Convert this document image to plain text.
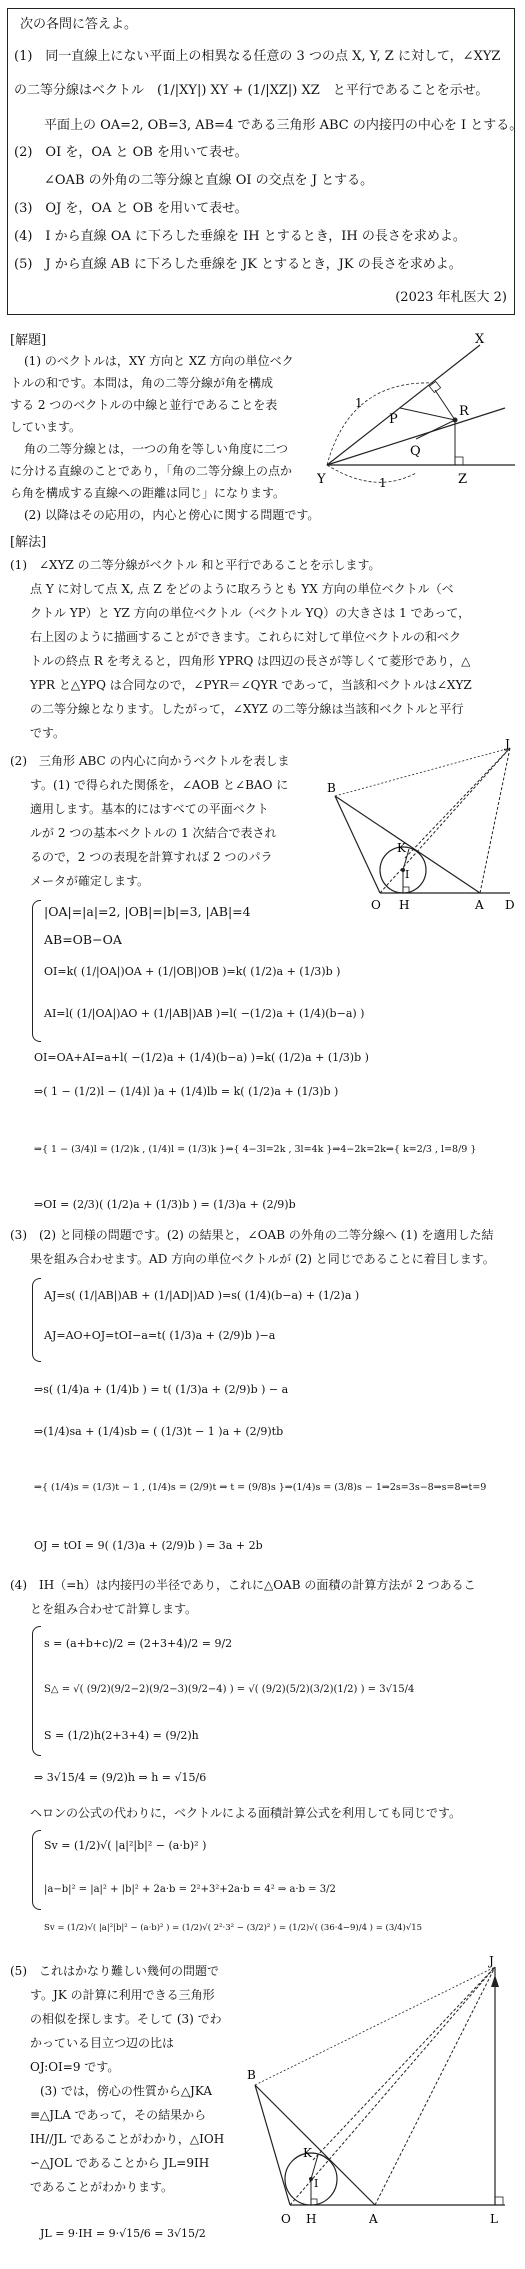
次の各問に答えよ。
(1)　同一直線上にない平面上の相異なる任意の 3 つの点 X, Y, Z に対して，∠XYZ
の二等分線はベクトル　(1/|XY|) XY + (1/|XZ|) XZ　と平行であることを示せ。
平面上の OA=2, OB=3, AB=4 である三角形 ABC の内接円の中心を I とする。
(2)　OI を，OA と OB を用いて表せ。
∠OAB の外角の二等分線と直線 OI の交点を J とする。
(3)　OJ を，OA と OB を用いて表せ。
(4)　I から直線 OA に下ろした垂線を IH とするとき，IH の長さを求めよ。
(5)　J から直線 AB に下ろした垂線を JK とするとき，JK の長さを求めよ。
(2023 年札医大 2)
[解題]
(1) のベクトルは，XY 方向と XZ 方向の単位ベク
トルの和です。本問は，角の二等分線が角を構成
する 2 つのベクトルの中線と並行であることを表
しています。
角の二等分線とは，一つの角を等しい角度に二つ
に分ける直線のことであり，「角の二等分線上の点か
ら角を構成する直線への距離は同じ」になります。
(2) 以降はその応用の，内心と傍心に関する問題です。
X
Y	Z
P
Q
R
1
1
[解法]
(1)　∠XYZ の二等分線がベクトル 和と平行であることを示します。
点 Y に対して点 X, 点 Z をどのように取ろうとも YX 方向の単位ベクトル（ベ
クトル YP）と YZ 方向の単位ベクトル（ベクトル YQ）の大きさは 1 であって，
右上図のように描画することができます。これらに対して単位ベクトルの和ベク
トルの終点 R を考えると，四角形 YPRQ は四辺の長さが等しくて菱形であり，△
YPR と△YPQ は合同なので，∠PYR＝∠QYR であって，当該和ベクトルは∠XYZ
の二等分線となります。したがって，∠XYZ の二等分線は当該和ベクトルと平行
です。
(2)　三角形 ABC の内心に向かうベクトルを表しま
す。(1) で得られた関係を，∠AOB と∠BAO に
適用します。基本的にはすべての平面ベクト
ルが 2 つの基本ベクトルの 1 次結合で表され
るので，2 つの表現を計算すれば 2 つのパラ
メータが確定します。
|OA|=|a|=2, |OB|=|b|=3, |AB|=4
AB=OB−OA
OI=k( (1/|OA|)OA + (1/|OB|)OB )=k( (1/2)a + (1/3)b )
AI=l( (1/|OA|)AO + (1/|AB|)AB )=l( −(1/2)a + (1/4)(b−a) )
OI=OA+AI=a+l( −(1/2)a + (1/4)(b−a) )=k( (1/2)a + (1/3)b )
⇒( 1 − (1/2)l − (1/4)l )a + (1/4)lb = k( (1/2)a + (1/3)b )
⇒{ 1 − (3/4)l = (1/2)k , (1/4)l = (1/3)k }⇒{ 4−3l=2k , 3l=4k }⇒4−2k=2k⇒{ k=2/3 , l=8/9 }
⇒OI = (2/3)( (1/2)a + (1/3)b ) = (1/3)a + (2/9)b
J
B
K
I
O H	A D
(3)　(2) と同様の問題です。(2) の結果と，∠OAB の外角の二等分線へ (1) を適用した結
果を組み合わせます。AD 方向の単位ベクトルが (2) と同じであることに着目します。
AJ=s( (1/|AB|)AB + (1/|AD|)AD )=s( (1/4)(b−a) + (1/2)a )
AJ=AO+OJ=tOI−a=t( (1/3)a + (2/9)b )−a
⇒s( (1/4)a + (1/4)b ) = t( (1/3)a + (2/9)b ) − a
⇒(1/4)sa + (1/4)sb = ( (1/3)t − 1 )a + (2/9)tb
⇒{ (1/4)s = (1/3)t − 1 , (1/4)s = (2/9)t ⇒ t = (9/8)s }⇒(1/4)s = (3/8)s − 1⇒2s=3s−8⇒s=8⇒t=9
OJ = tOI = 9( (1/3)a + (2/9)b ) = 3a + 2b
(4)　IH（=h）は内接円の半径であり，これに△OAB の面積の計算方法が 2 つあるこ
とを組み合わせて計算します。
s = (a+b+c)/2 = (2+3+4)/2 = 9/2
S△ = √( (9/2)(9/2−2)(9/2−3)(9/2−4) ) = √( (9/2)(5/2)(3/2)(1/2) ) = 3√15/4
S = (1/2)h(2+3+4) = (9/2)h
⇒ 3√15/4 = (9/2)h ⇒ h = √15/6
ヘロンの公式の代わりに，ベクトルによる面積計算公式を利用しても同じです。
Sv = (1/2)√( |a|²|b|² − (a·b)² )
|a−b|² = |a|² + |b|² + 2a·b = 2²+3²+2a·b = 4² ⇒ a·b = 3/2
Sv = (1/2)√( |a|²|b|² − (a·b)² ) = (1/2)√( 2²·3² − (3/2)² ) = (1/2)√( (36·4−9)/4 ) = (3/4)√15
(5)　これはかなり難しい幾何の問題で
す。JK の計算に利用できる三角形
の相似を探します。そして (3) でわ
かっている目立つ辺の比は
OJ:OI=9 です。
(3) では，傍心の性質から△JKA
≡△JLA であって，その結果から
IH//JL であることがわかり，△IOH
∽△JOL であることから JL=9IH
であることがわかります。
JL = 9·IH = 9·√15/6 = 3√15/2
J
B
K
I
O H	A	L
